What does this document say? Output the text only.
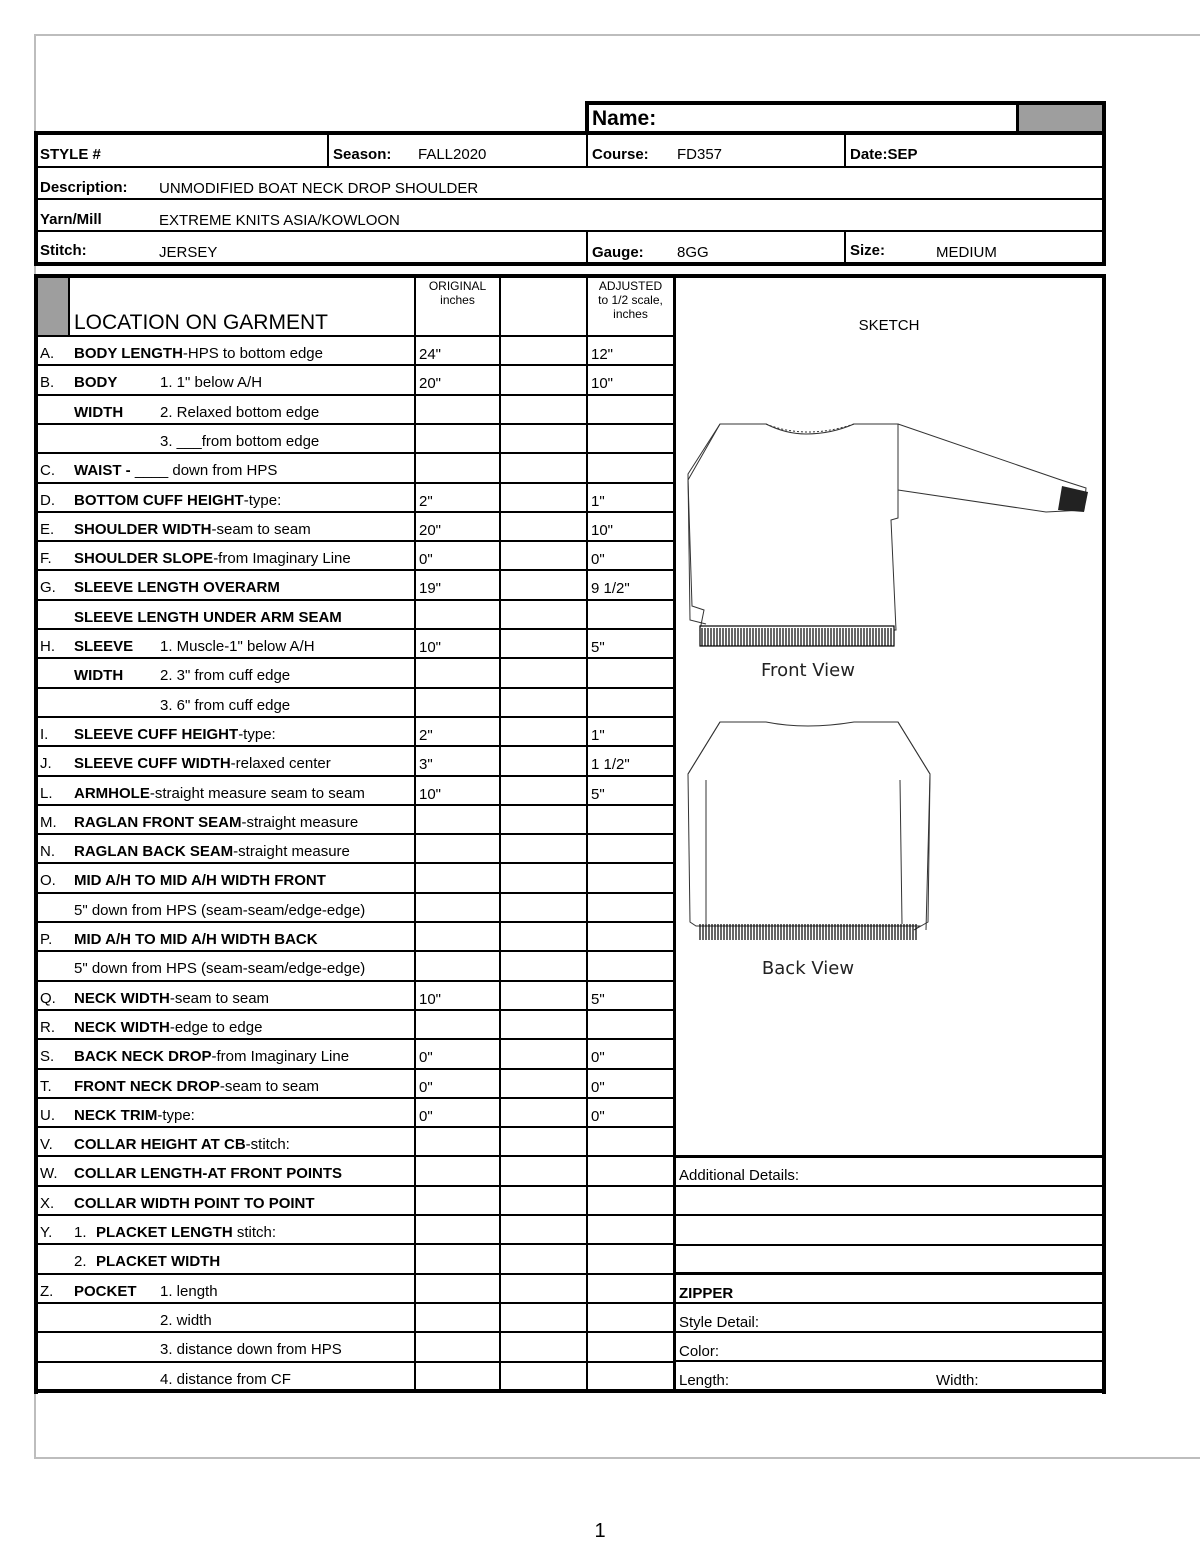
Name:
STYLE #	Season: FALL2020	Course: FD357	Date:SEP
Description: UNMODIFIED BOAT NECK DROP SHOULDER
Yarn/Mill	EXTREME KNITS ASIA/KOWLOON
Stitch:	JERSEY	Gauge: 8GG	Size:	MEDIUM
LOCATION ON GARMENT
ORIGINAL
inches
ADJUSTED
to 1/2 scale,
inches
SKETCH
A. BODY LENGTH-HPS to bottom edge	24"	12"
B. BODY	1. 1" below A/H	20"	10"
WIDTH 2. Relaxed bottom edge
3. ___from bottom edge
C. WAIST - ____ down from HPS
D. BOTTOM CUFF HEIGHT-type:	2"	1"
E. SHOULDER WIDTH-seam to seam	20"	10"
F. SHOULDER SLOPE-from Imaginary Line	0"	0"
G. SLEEVE LENGTH OVERARM	19"	9 1/2"
SLEEVE LENGTH UNDER ARM SEAM
H. SLEEVE 1. Muscle-1" below A/H	10"	5"
WIDTH 2. 3" from cuff edge
3. 6" from cuff edge
I. SLEEVE CUFF HEIGHT-type:	2"	1"
J. SLEEVE CUFF WIDTH-relaxed center	3"	1 1/2"
L. ARMHOLE-straight measure seam to seam	10"	5"
M. RAGLAN FRONT SEAM-straight measure
N. RAGLAN BACK SEAM-straight measure
O. MID A/H TO MID A/H WIDTH FRONT
5" down from HPS (seam-seam/edge-edge)
P. MID A/H TO MID A/H WIDTH BACK
5" down from HPS (seam-seam/edge-edge)
Q. NECK WIDTH-seam to seam	10"	5"
R. NECK WIDTH-edge to edge
S. BACK NECK DROP-from Imaginary Line	0"	0"
T. FRONT NECK DROP-seam to seam	0"	0"
U. NECK TRIM-type:	0"	0"
V. COLLAR HEIGHT AT CB-stitch:
W. COLLAR LENGTH-AT FRONT POINTS
X. COLLAR WIDTH POINT TO POINT
Y. 1. PLACKET LENGTH stitch:
2. PLACKET WIDTH
Z. POCKET 1. length
2. width
3. distance down from HPS
4. distance from CF
Additional Details:
ZIPPER
Style Detail:
Color:
Length:	Width:
Front View
Back View
1
